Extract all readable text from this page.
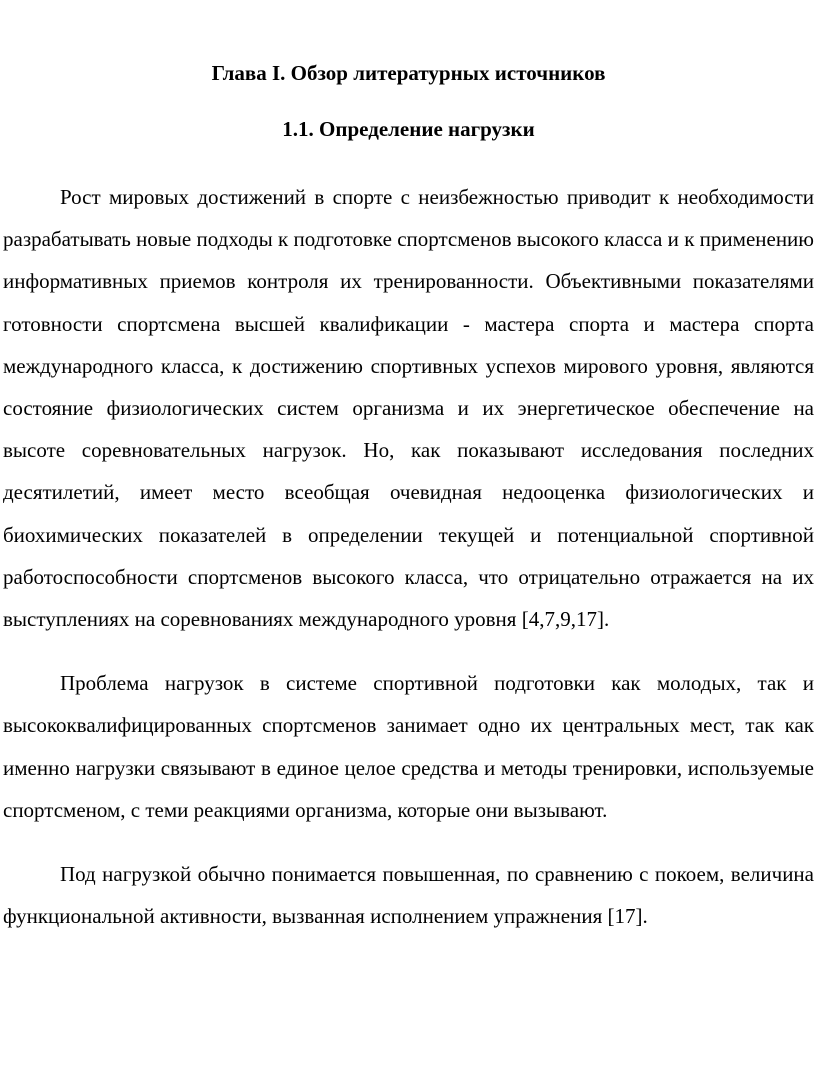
Глава I. Обзор литературных источников
1.1. Определение нагрузки

Рост мировых достижений в спорте с неизбежностью приводит к необходимости разрабатывать новые подходы к подготовке спортсменов высокого класса и к применению информативных приемов контроля их тренированности. Объективными показателями готовности спортсмена высшей квалификации - мастера спорта и мастера спорта международного класса, к достижению спортивных успехов мирового уровня, являются состояние физиологических систем организма и их энергетическое обеспечение на высоте соревновательных нагрузок. Но, как показывают исследования последних десятилетий, имеет место всеобщая очевидная недооценка физиологических и биохимических показателей в определении текущей и потенциальной спортивной работоспособности спортсменов высокого класса, что отрицательно отражается на их выступлениях на соревнованиях международного уровня [4,7,9,17].

Проблема нагрузок в системе спортивной подготовки как молодых, так и высококвалифицированных спортсменов занимает одно их центральных мест, так как именно нагрузки связывают в единое целое средства и методы тренировки, используемые спортсменом, с теми реакциями организма, которые они вызывают.

Под нагрузкой обычно понимается повышенная, по сравнению с покоем, величина функциональной активности, вызванная исполнением упражнения [17].
